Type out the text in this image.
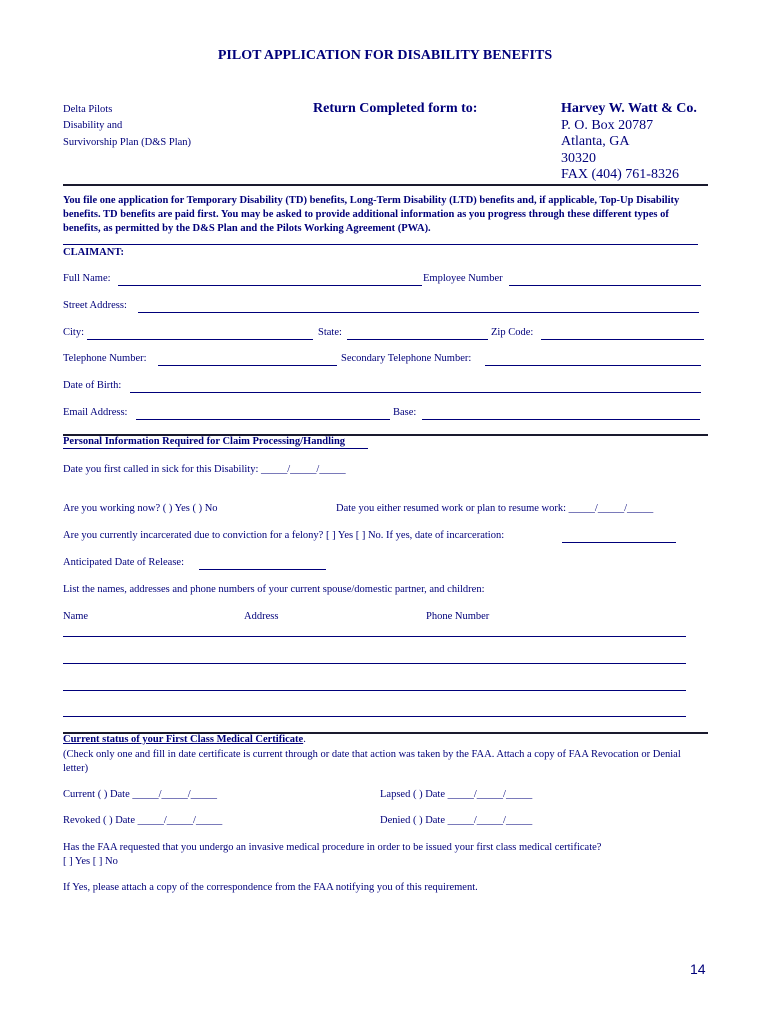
PILOT APPLICATION FOR DISABILITY BENEFITS
Delta Pilots
Disability and
Survivorship Plan (D&S Plan)
Return Completed form to:	Harvey W. Watt & Co.
P. O. Box 20787
Atlanta, GA
30320
FAX (404) 761-8326
You file one application for Temporary Disability (TD) benefits, Long-Term Disability (LTD) benefits and, if applicable, Top-Up Disability benefits. TD benefits are paid first. You may be asked to provide additional information as you progress through these different types of benefits, as permitted by the D&S Plan and the Pilots Working Agreement (PWA).
CLAIMANT:
Full Name:	Employee Number
Street Address:
City:	State:	Zip Code:
Telephone Number:	Secondary Telephone Number:
Date of Birth:
Email Address:	Base:
Personal Information Required for Claim Processing/Handling
Date you first called in sick for this Disability: _____/_____/_____
Are you working now? ( ) Yes ( ) No	Date you either resumed work or plan to resume work: _____/_____/_____
Are you currently incarcerated due to conviction for a felony? [ ] Yes [ ] No. If yes, date of incarceration:
Anticipated Date of Release:
List the names, addresses and phone numbers of your current spouse/domestic partner, and children:
Name	Address	Phone Number
Current status of your First Class Medical Certificate.
(Check only one and fill in date certificate is current through or date that action was taken by the FAA. Attach a copy of FAA Revocation or Denial letter)
Current ( ) Date _____/_____/_____	Lapsed ( ) Date _____/_____/_____
Revoked ( ) Date _____/_____/_____	Denied ( ) Date _____/_____/_____
Has the FAA requested that you undergo an invasive medical procedure in order to be issued your first class medical certificate?
[ ] Yes [ ] No
If Yes, please attach a copy of the correspondence from the FAA notifying you of this requirement.
14
